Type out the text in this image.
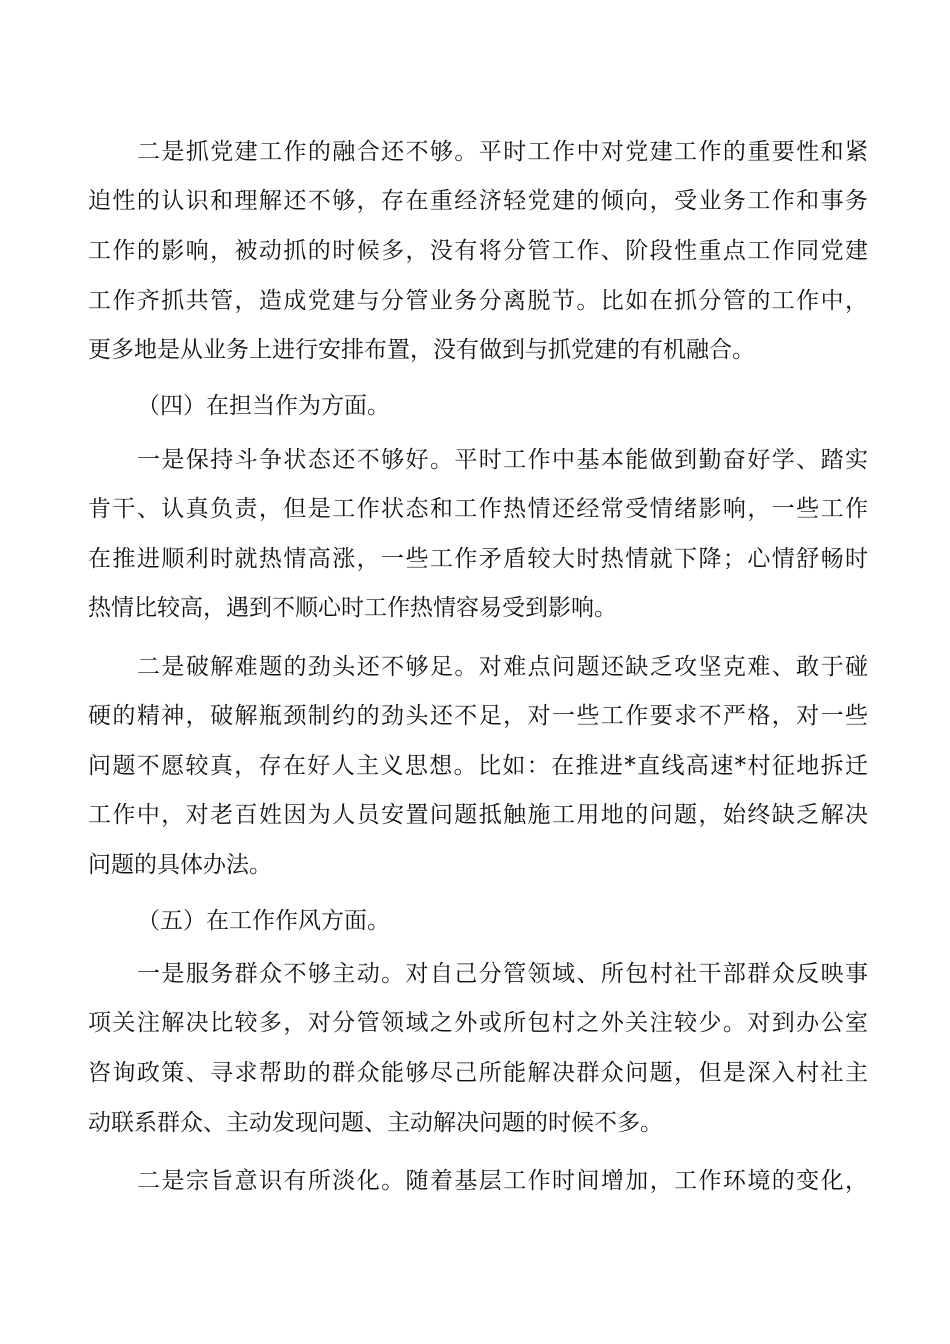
二是抓党建工作的融合还不够。平时工作中对党建工作的重要性和紧
迫性的认识和理解还不够，存在重经济轻党建的倾向，受业务工作和事务
工作的影响，被动抓的时候多，没有将分管工作、阶段性重点工作同党建
工作齐抓共管，造成党建与分管业务分离脱节。比如在抓分管的工作中，
更多地是从业务上进行安排布置，没有做到与抓党建的有机融合。
（四）在担当作为方面。
一是保持斗争状态还不够好。平时工作中基本能做到勤奋好学、踏实
肯干、认真负责，但是工作状态和工作热情还经常受情绪影响，一些工作
在推进顺利时就热情高涨，一些工作矛盾较大时热情就下降；心情舒畅时
热情比较高，遇到不顺心时工作热情容易受到影响。
二是破解难题的劲头还不够足。对难点问题还缺乏攻坚克难、敢于碰
硬的精神，破解瓶颈制约的劲头还不足，对一些工作要求不严格，对一些
问题不愿较真，存在好人主义思想。比如：在推进*直线高速*村征地拆迁
工作中，对老百姓因为人员安置问题抵触施工用地的问题，始终缺乏解决
问题的具体办法。
（五）在工作作风方面。
一是服务群众不够主动。对自己分管领域、所包村社干部群众反映事
项关注解决比较多，对分管领域之外或所包村之外关注较少。对到办公室
咨询政策、寻求帮助的群众能够尽己所能解决群众问题，但是深入村社主
动联系群众、主动发现问题、主动解决问题的时候不多。
二是宗旨意识有所淡化。随着基层工作时间增加，工作环境的变化，
